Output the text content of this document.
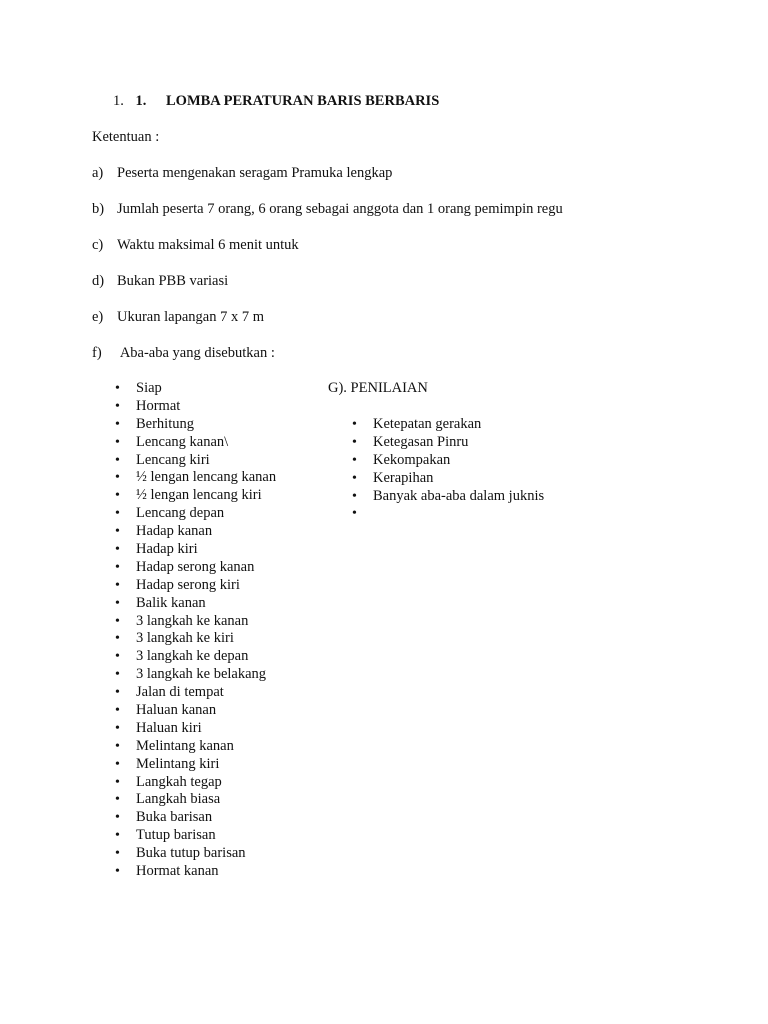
1. 1. LOMBA PERATURAN BARIS BERBARIS
Ketentuan :
a) Peserta mengenakan seragam Pramuka lengkap
b) Jumlah peserta 7 orang, 6 orang sebagai anggota dan 1 orang pemimpin regu
c) Waktu maksimal 6 menit untuk
d) Bukan PBB variasi
e) Ukuran lapangan 7 x 7 m
f) Aba-aba yang disebutkan :
• Siap
• Hormat
• Berhitung
• Lencang kanan\
• Lencang kiri
• ½ lengan lencang kanan
• ½ lengan lencang kiri
• Lencang depan
• Hadap kanan
• Hadap kiri
• Hadap serong kanan
• Hadap serong kiri
• Balik kanan
• 3 langkah ke kanan
• 3 langkah ke kiri
• 3 langkah ke depan
• 3 langkah ke belakang
• Jalan di tempat
• Haluan kanan
• Haluan kiri
• Melintang kanan
• Melintang kiri
• Langkah tegap
• Langkah biasa
• Buka barisan
• Tutup barisan
• Buka tutup barisan
• Hormat kanan
G). PENILAIAN
• Ketepatan gerakan
• Ketegasan Pinru
• Kekompakan
• Kerapihan
• Banyak aba-aba dalam juknis
•
